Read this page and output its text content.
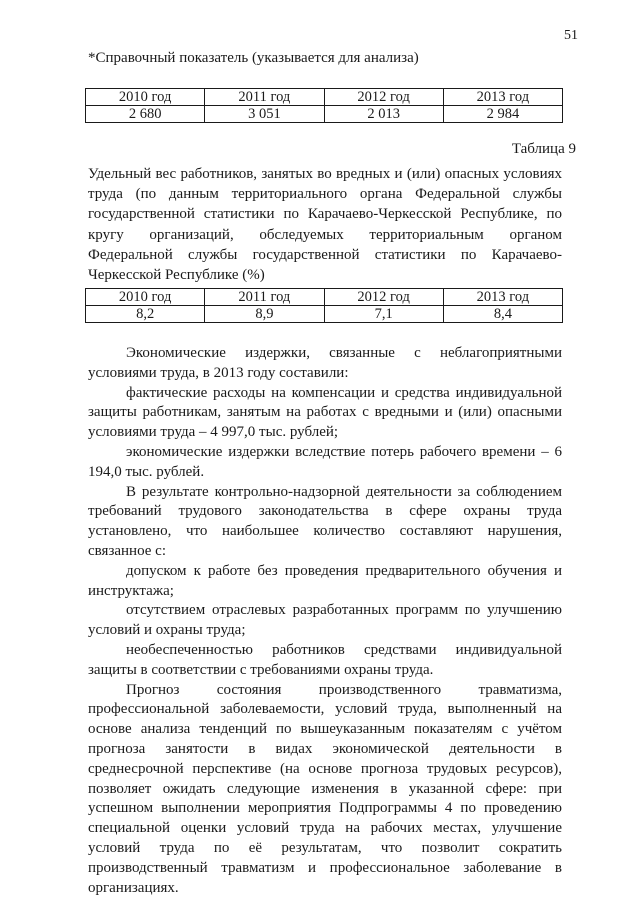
51
*Справочный показатель (указывается для анализа)
2010 год	2011 год	2012 год	2013 год
2 680	3 051	2 013	2 984
Таблица 9
Удельный вес работников, занятых во вредных и (или) опасных условиях труда (по данным территориального органа Федеральной службы государственной статистики по Карачаево-Черкесской Республике, по кругу организаций, обследуемых территориальным органом Федеральной службы государственной статистики по Карачаево-Черкесской Республике (%)
2010 год	2011 год	2012 год	2013 год
8,2	8,9	7,1	8,4

Экономические издержки, связанные с неблагоприятными условиями труда, в 2013 году составили:

фактические расходы на компенсации и средства индивидуальной защиты работникам, занятым на работах с вредными и (или) опасными условиями труда – 4 997,0 тыс. рублей;

экономические издержки вследствие потерь рабочего времени – 6 194,0 тыс. рублей.

В результате контрольно-надзорной деятельности за соблюдением требований трудового законодательства в сфере охраны труда установлено, что наибольшее количество составляют нарушения, связанное с:

допуском к работе без проведения предварительного обучения и инструктажа;

отсутствием отраслевых разработанных программ по улучшению условий и охраны труда;

необеспеченностью работников средствами индивидуальной защиты в соответствии с требованиями охраны труда.

Прогноз состояния производственного травматизма, профессиональной заболеваемости, условий труда, выполненный на основе анализа тенденций по вышеуказанным показателям с учётом прогноза занятости в видах экономической деятельности в среднесрочной перспективе (на основе прогноза трудовых ресурсов), позволяет ожидать следующие изменения в указанной сфере: при успешном выполнении мероприятия Подпрограммы 4 по проведению специальной оценки условий труда на рабочих местах, улучшение условий труда по её результатам, что позволит сократить производственный травматизм и профессиональное заболевание в организациях.
